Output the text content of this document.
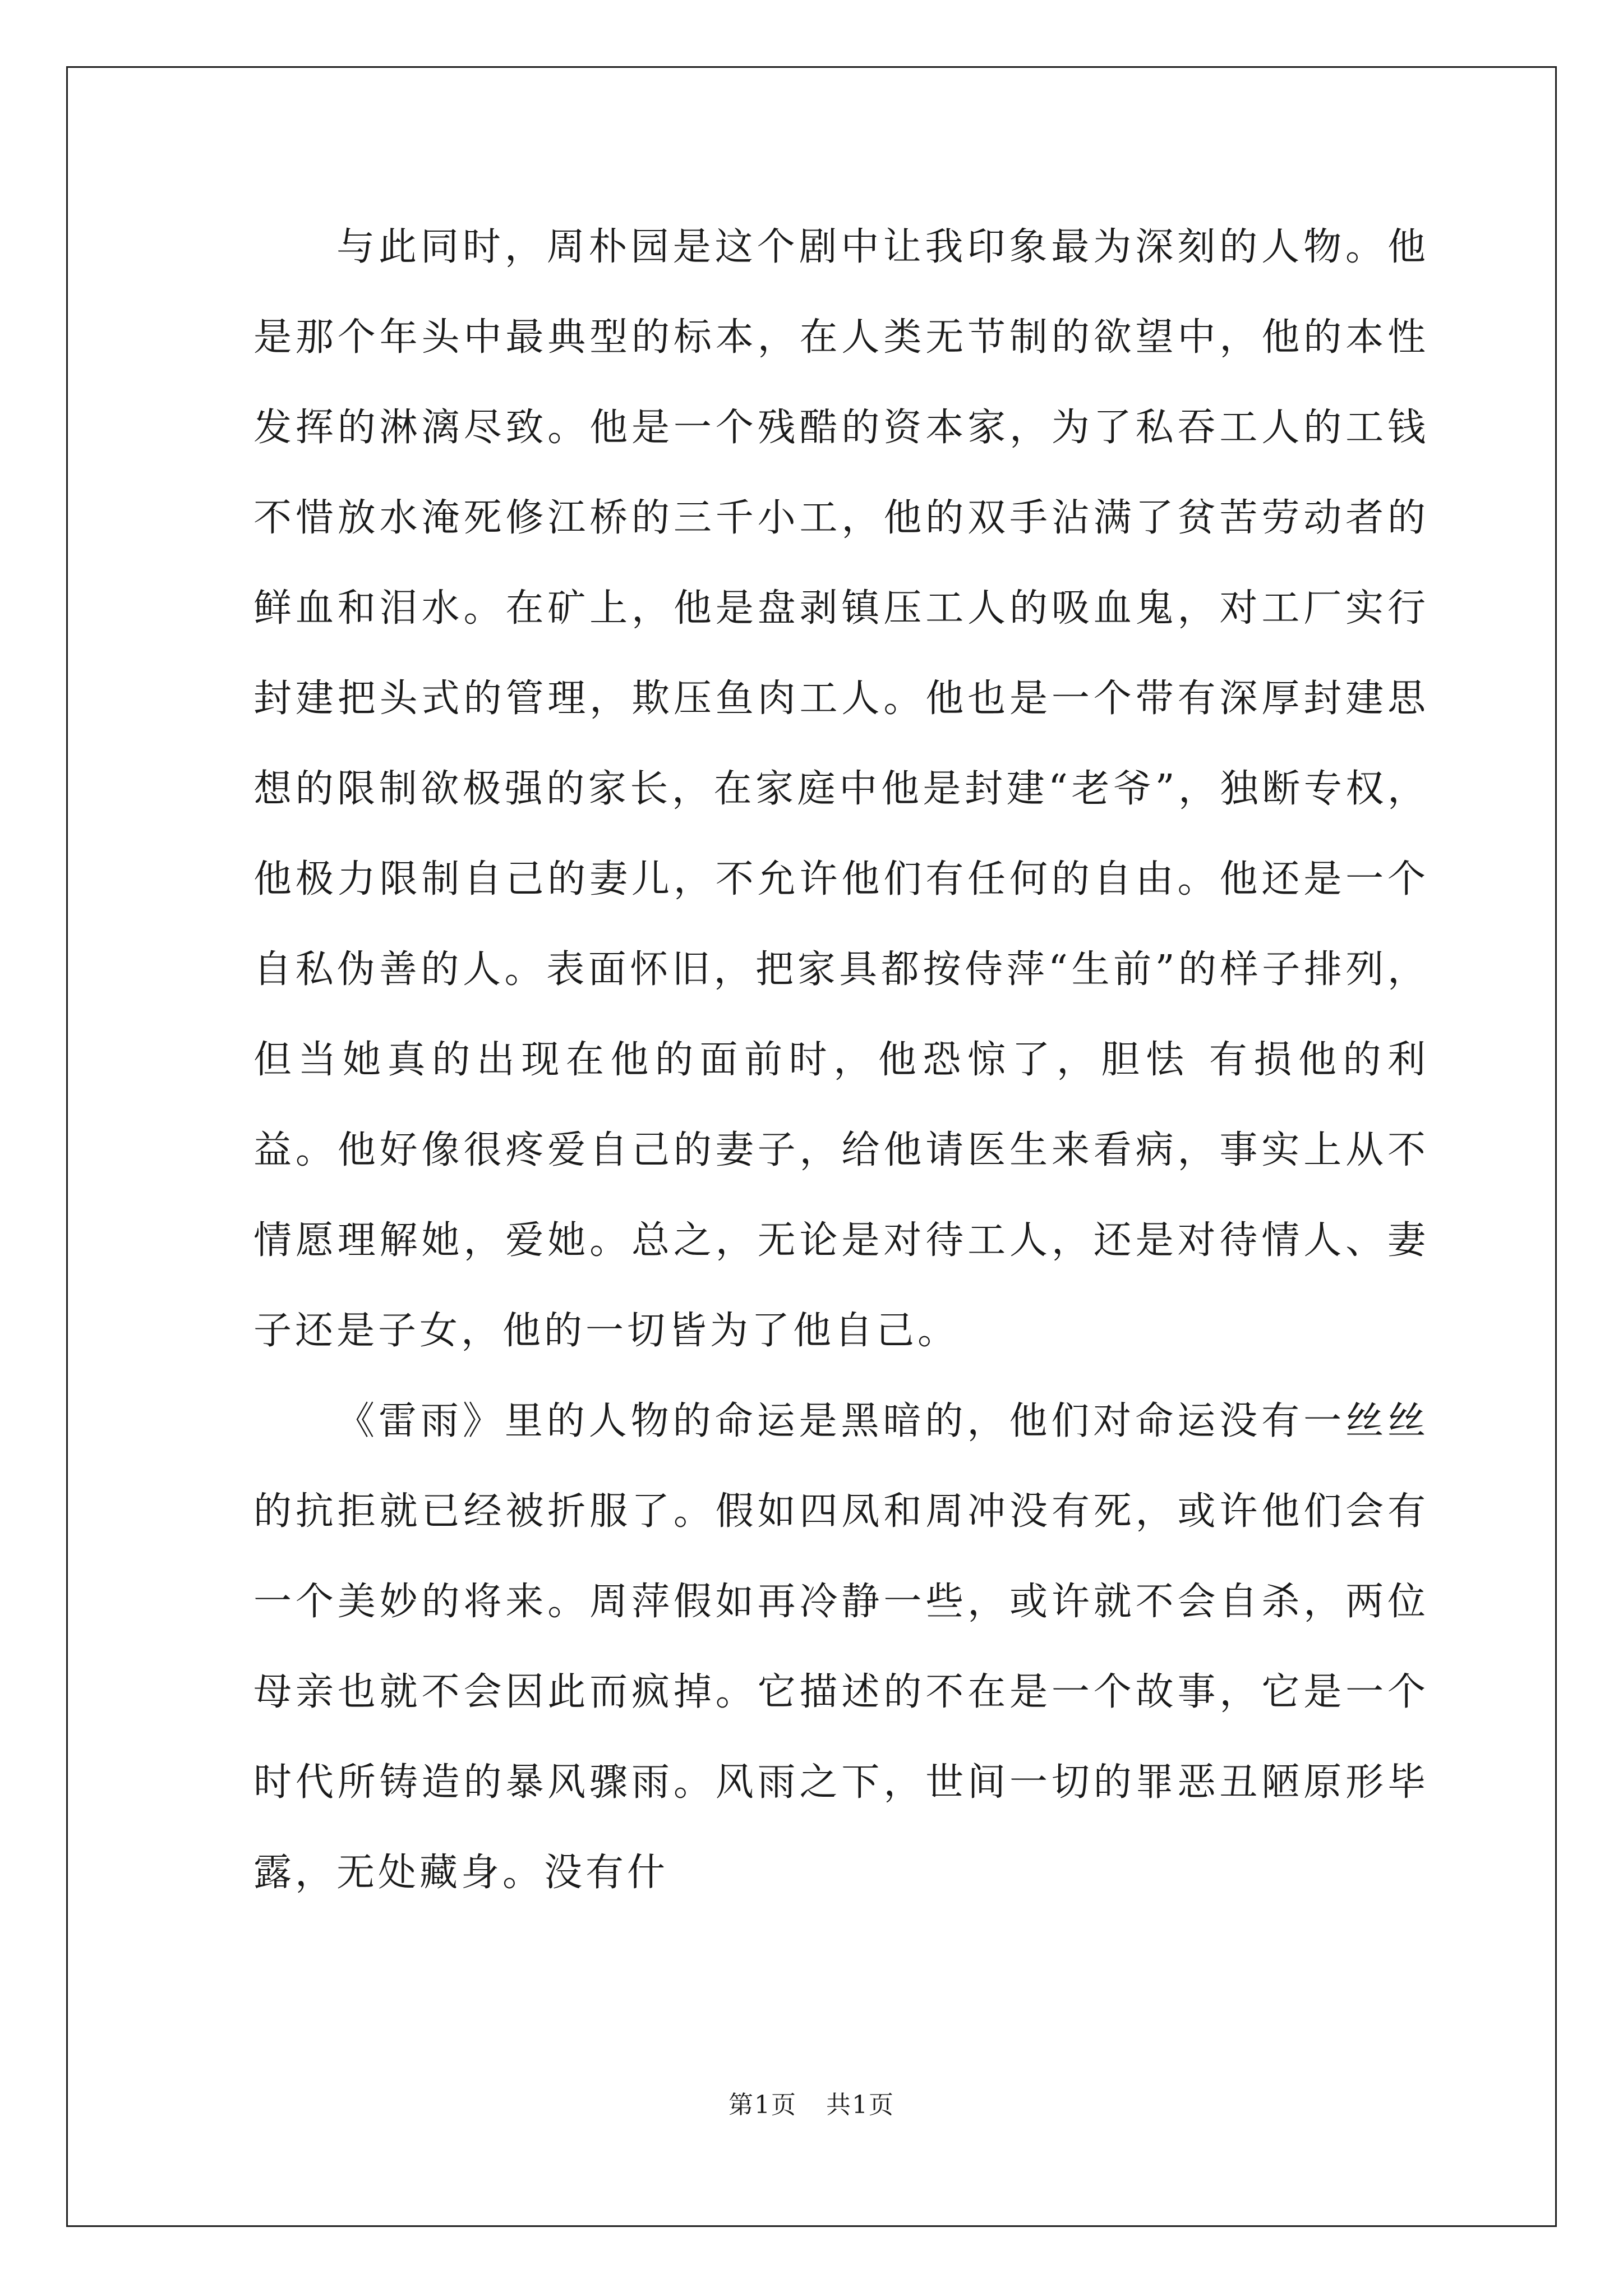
与此同时，周朴园是这个剧中让我印象最为深刻的人物。他是那个年头中最典型的标本，在人类无节制的欲望中，他的本性发挥的淋漓尽致。他是一个残酷的资本家，为了私吞工人的工钱不惜放水淹死修江桥的三千小工，他的双手沾满了贫苦劳动者的鲜血和泪水。在矿上，他是盘剥镇压工人的吸血鬼，对工厂实行封建把头式的管理，欺压鱼肉工人。他也是一个带有深厚封建思想的限制欲极强的家长，在家庭中他是封建“老爷”，独断专权，他极力限制自己的妻儿，不允许他们有任何的自由。他还是一个自私伪善的人。表面怀旧，把家具都按侍萍“生前”的样子排列，但当她真的出现在他的面前时，他恐惊了，胆怯 有损他的利益。他好像很疼爱自己的妻子，给他请医生来看病，事实上从不情愿理解她，爱她。总之，无论是对待工人，还是对待情人、妻子还是子女，他的一切皆为了他自己。

《雷雨》里的人物的命运是黑暗的，他们对命运没有一丝丝的抗拒就已经被折服了。假如四凤和周冲没有死，或许他们会有一个美妙的将来。周萍假如再冷静一些，或许就不会自杀，两位母亲也就不会因此而疯掉。它描述的不在是一个故事，它是一个时代所铸造的暴风骤雨。风雨之下，世间一切的罪恶丑陋原形毕露，无处藏身。没有什

第1页 共1页
